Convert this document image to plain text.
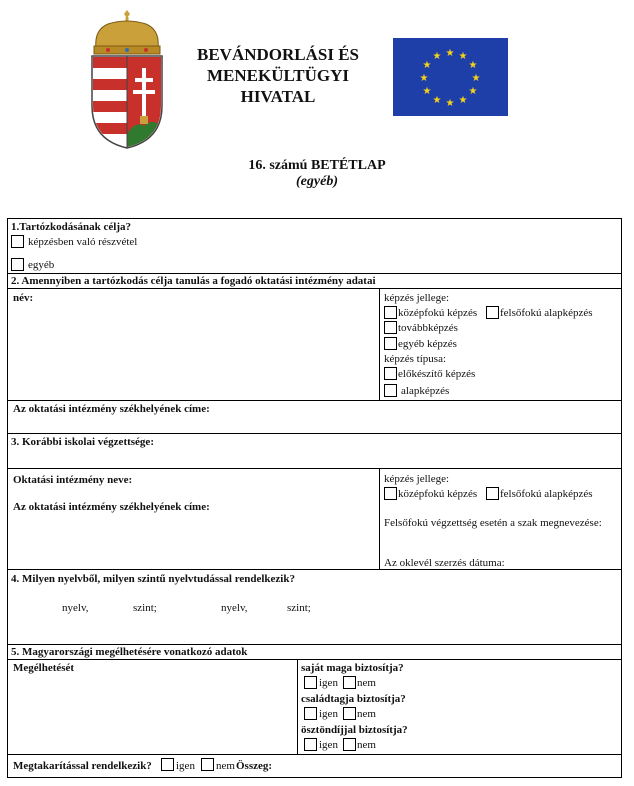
BEVÁNDORLÁSI ÉS
MENEKÜLTÜGYI
HIVATAL
★ ★
★
★
★
★
★
★
★
★
★
★
16. számú BETÉTLAP
(egyéb)
1.Tartózkodásának célja?
képzésben való részvétel
egyéb
2. Amennyiben a tartózkodás célja tanulás a fogadó oktatási intézmény adatai
név:	képzés jellege:
középfokú képzés felsőfokú alapképzés
továbbképzés
egyéb képzés
képzés típusa:
előkészítő képzés
alapképzés
Az oktatási intézmény székhelyének címe:
3. Korábbi iskolai végzettsége:
Oktatási intézmény neve:
Az oktatási intézmény székhelyének címe:
képzés jellege:
középfokú képzés felsőfokú alapképzés
Felsőfokú végzettség esetén a szak megnevezése:
Az oklevél szerzés dátuma:
4. Milyen nyelvből, milyen szintű nyelvtudással rendelkezik?
nyelv,	szint;	nyelv,	szint;
5. Magyarországi megélhetésére vonatkozó adatok
Megélhetését	saját maga biztosítja?
igen nem
családtagja biztosítja?
igen nem
ösztöndíjjal biztosítja?
igen nem
Megtakarítással rendelkezik? igen nem Összeg:
